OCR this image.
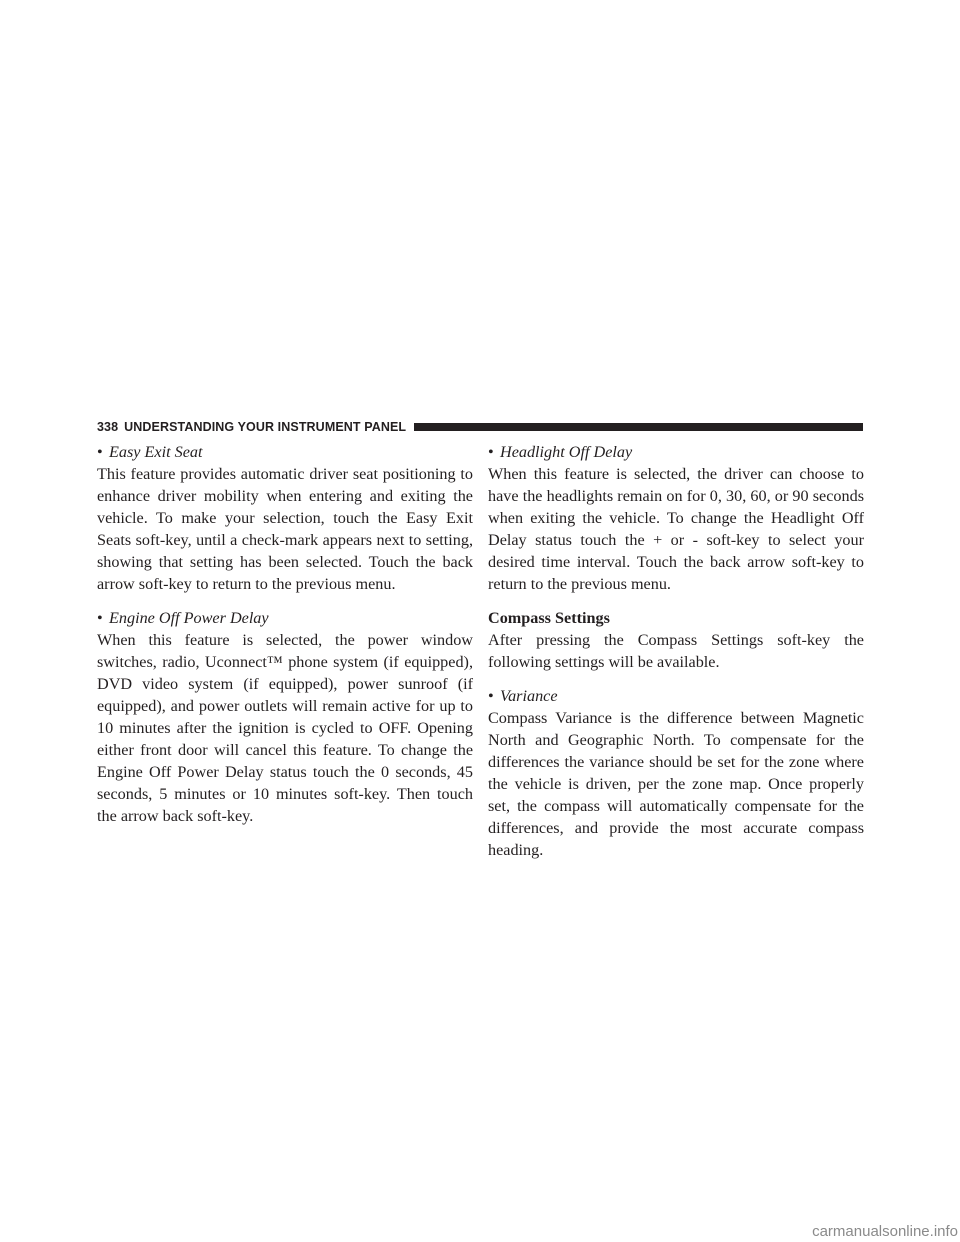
338 UNDERSTANDING YOUR INSTRUMENT PANEL

• Easy Exit Seat

This feature provides automatic driver seat positioning to enhance driver mobility when entering and exiting the vehicle. To make your selection, touch the Easy Exit Seats soft-key, until a check-mark appears next to setting, showing that setting has been selected. Touch the back arrow soft-key to return to the previous menu.

• Engine Off Power Delay

When this feature is selected, the power window switches, radio, Uconnect™ phone system (if equipped), DVD video system (if equipped), power sunroof (if equipped), and power outlets will remain active for up to 10 minutes after the ignition is cycled to OFF. Opening either front door will cancel this feature. To change the Engine Off Power Delay status touch the 0 seconds, 45 seconds, 5 minutes or 10 minutes soft-key. Then touch the arrow back soft-key.

• Headlight Off Delay

When this feature is selected, the driver can choose to have the headlights remain on for 0, 30, 60, or 90 seconds when exiting the vehicle. To change the Headlight Off Delay status touch the + or - soft-key to select your desired time interval. Touch the back arrow soft-key to return to the previous menu.

Compass Settings

After pressing the Compass Settings soft-key the following settings will be available.

• Variance

Compass Variance is the difference between Magnetic North and Geographic North. To compensate for the differences the variance should be set for the zone where the vehicle is driven, per the zone map. Once properly set, the compass will automatically compensate for the differences, and provide the most accurate compass heading.

carmanualsonline.info
